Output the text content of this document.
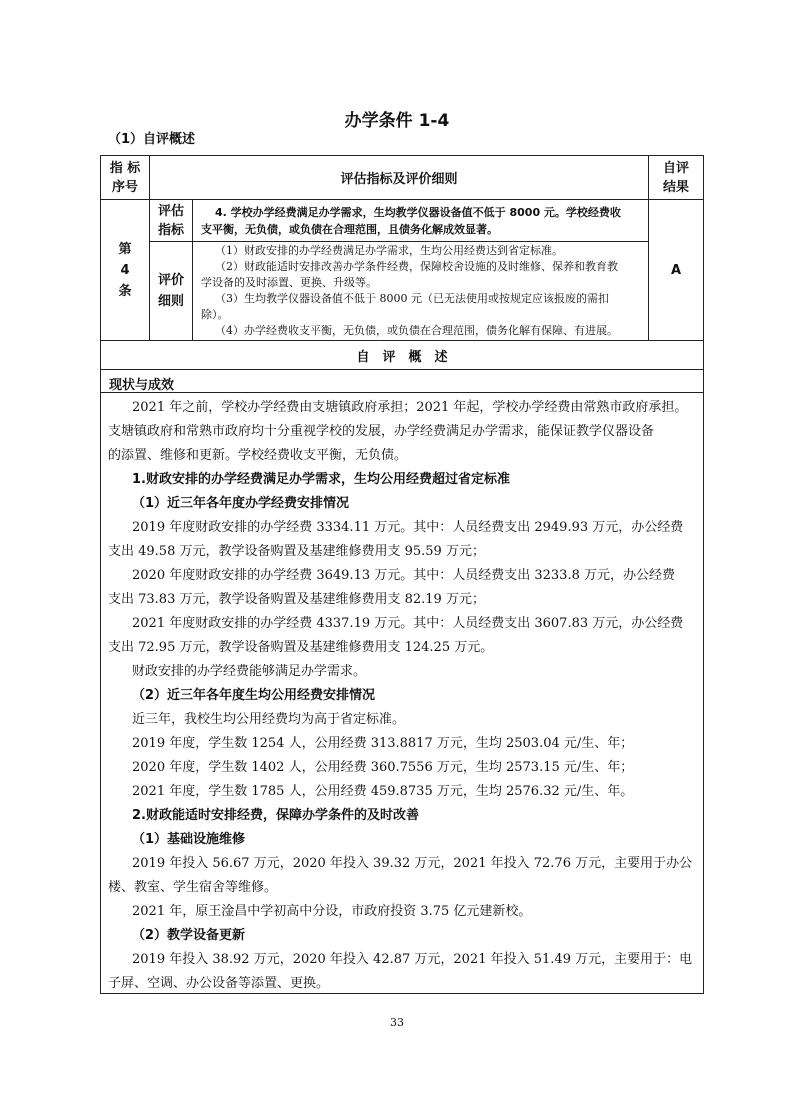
办学条件 1-4
（1）自评概述
指 标
序号	评估指标及评价细则
自评
结果
第
4
条
评估
指标
4. 学校办学经费满足办学需求，生均教学仪器设备值不低于 8000 元。学校经费收
支平衡，无负债，或负债在合理范围，且债务化解成效显著。
评价
细则
（1）财政安排的办学经费满足办学需求，生均公用经费达到省定标准。
（2）财政能适时安排改善办学条件经费，保障校舍设施的及时维修、保养和教育教
学设备的及时添置、更换、升级等。
（3）生均教学仪器设备值不低于 8000 元（已无法使用或按规定应该报废的需扣
除）。
（4）办学经费收支平衡，无负债，或负债在合理范围，债务化解有保障、有进展。
A
自　评　概　述
现状与成效
2021 年之前，学校办学经费由支塘镇政府承担；2021 年起，学校办学经费由常熟市政府承担。
支塘镇政府和常熟市政府均十分重视学校的发展，办学经费满足办学需求，能保证教学仪器设备
的添置、维修和更新。学校经费收支平衡，无负债。
1.财政安排的办学经费满足办学需求，生均公用经费超过省定标准
（1）近三年各年度办学经费安排情况
2019 年度财政安排的办学经费 3334.11 万元。其中：人员经费支出 2949.93 万元，办公经费
支出 49.58 万元，教学设备购置及基建维修费用支 95.59 万元；
2020 年度财政安排的办学经费 3649.13 万元。其中：人员经费支出 3233.8 万元，办公经费
支出 73.83 万元，教学设备购置及基建维修费用支 82.19 万元；
2021 年度财政安排的办学经费 4337.19 万元。其中：人员经费支出 3607.83 万元，办公经费
支出 72.95 万元，教学设备购置及基建维修费用支 124.25 万元。
财政安排的办学经费能够满足办学需求。
（2）近三年各年度生均公用经费安排情况
近三年，我校生均公用经费均为高于省定标准。
2019 年度，学生数 1254 人，公用经费 313.8817 万元，生均 2503.04 元/生、年；
2020 年度，学生数 1402 人，公用经费 360.7556 万元，生均 2573.15 元/生、年；
2021 年度，学生数 1785 人，公用经费 459.8735 万元，生均 2576.32 元/生、年。
2.财政能适时安排经费，保障办学条件的及时改善
（1）基础设施维修
2019 年投入 56.67 万元，2020 年投入 39.32 万元，2021 年投入 72.76 万元，主要用于办公
楼、教室、学生宿舍等维修。
2021 年，原王淦昌中学初高中分设，市政府投资 3.75 亿元建新校。
（2）教学设备更新
2019 年投入 38.92 万元，2020 年投入 42.87 万元，2021 年投入 51.49 万元，主要用于：电
子屏、空调、办公设备等添置、更换。
33
